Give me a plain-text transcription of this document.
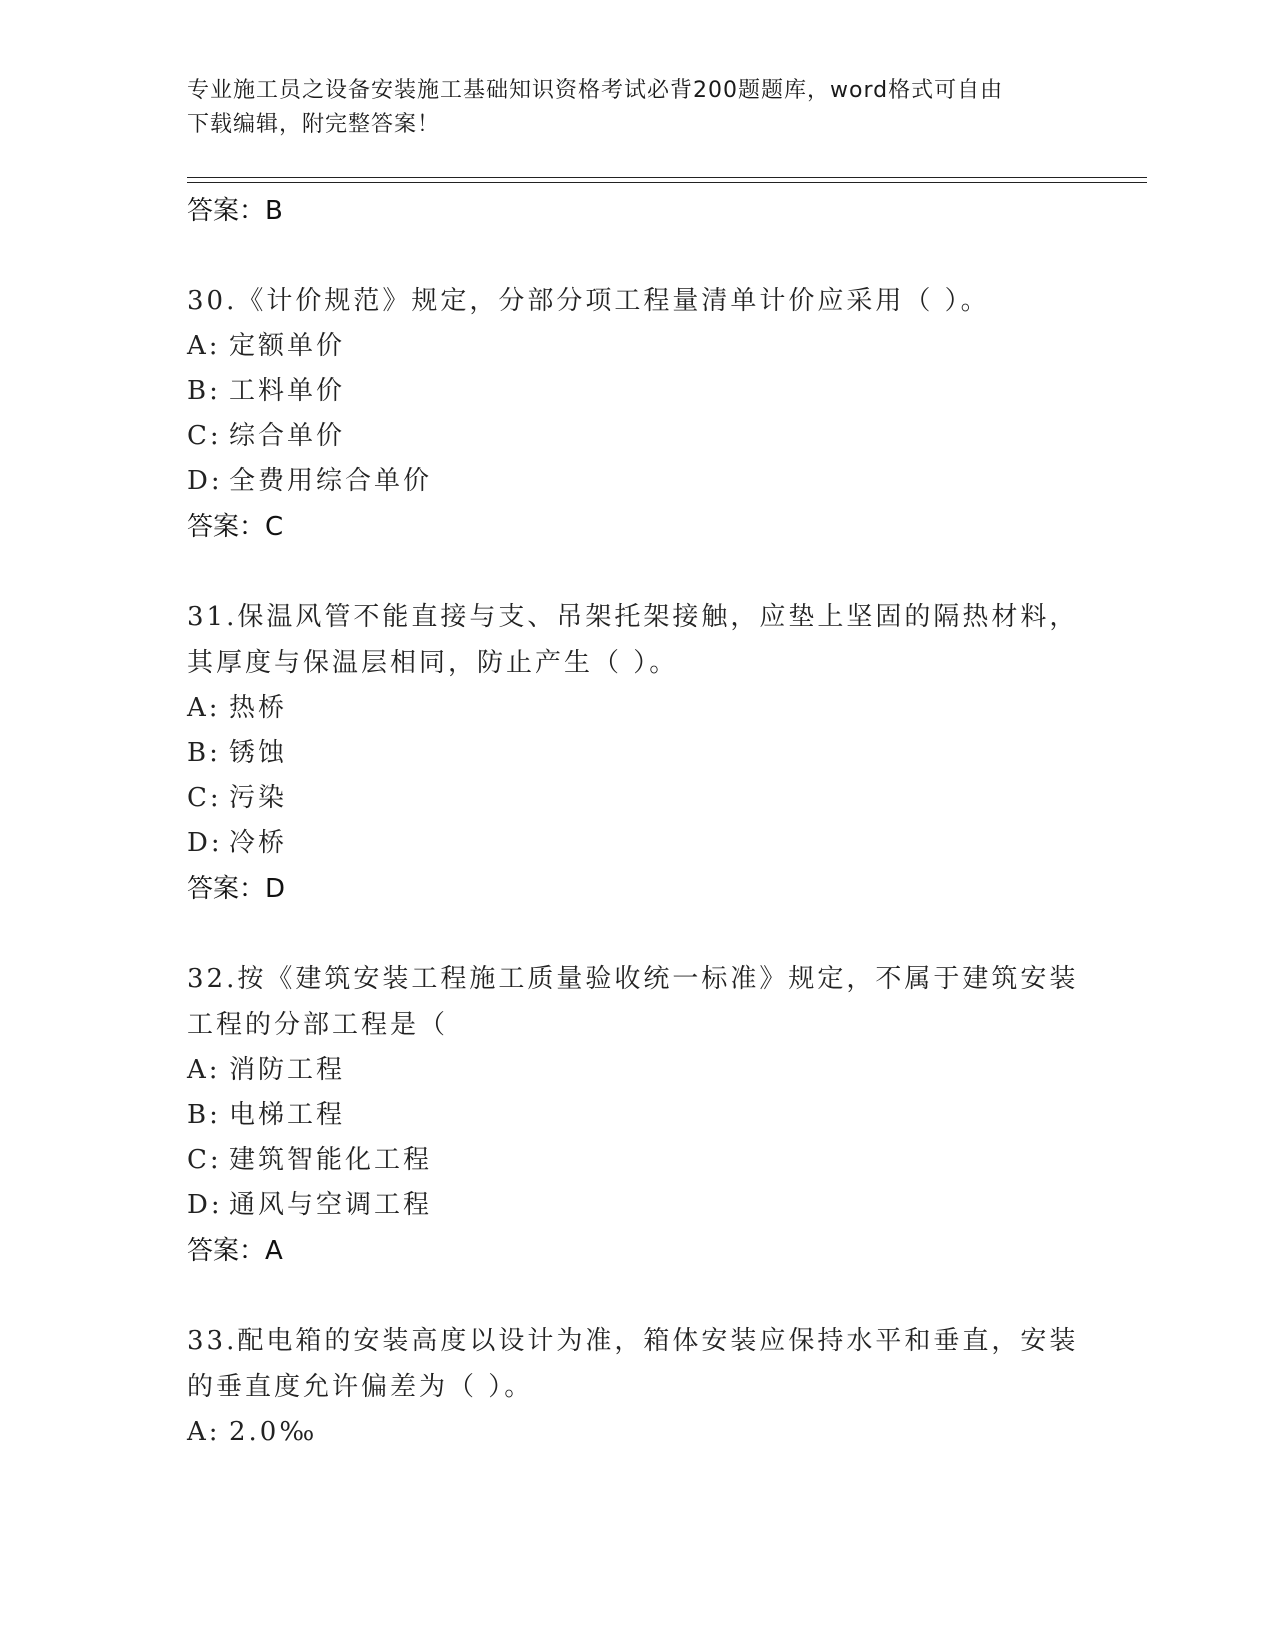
专业施工员之设备安装施工基础知识资格考试必背200题题库，word格式可自由
下载编辑，附完整答案！
答案：B
30.《计价规范》规定，分部分项工程量清单计价应采用（ ）。
A: 定额单价
B: 工料单价
C: 综合单价
D: 全费用综合单价
答案：C
31.保温风管不能直接与支、吊架托架接触，应垫上坚固的隔热材料，
其厚度与保温层相同，防止产生（ ）。
A: 热桥
B: 锈蚀
C: 污染
D: 冷桥
答案：D
32.按《建筑安装工程施工质量验收统一标准》规定，不属于建筑安装
工程的分部工程是（
A: 消防工程
B: 电梯工程
C: 建筑智能化工程
D: 通风与空调工程
答案：A
33.配电箱的安装高度以设计为准，箱体安装应保持水平和垂直，安装
的垂直度允许偏差为（ ）。
A: 2.0‰
